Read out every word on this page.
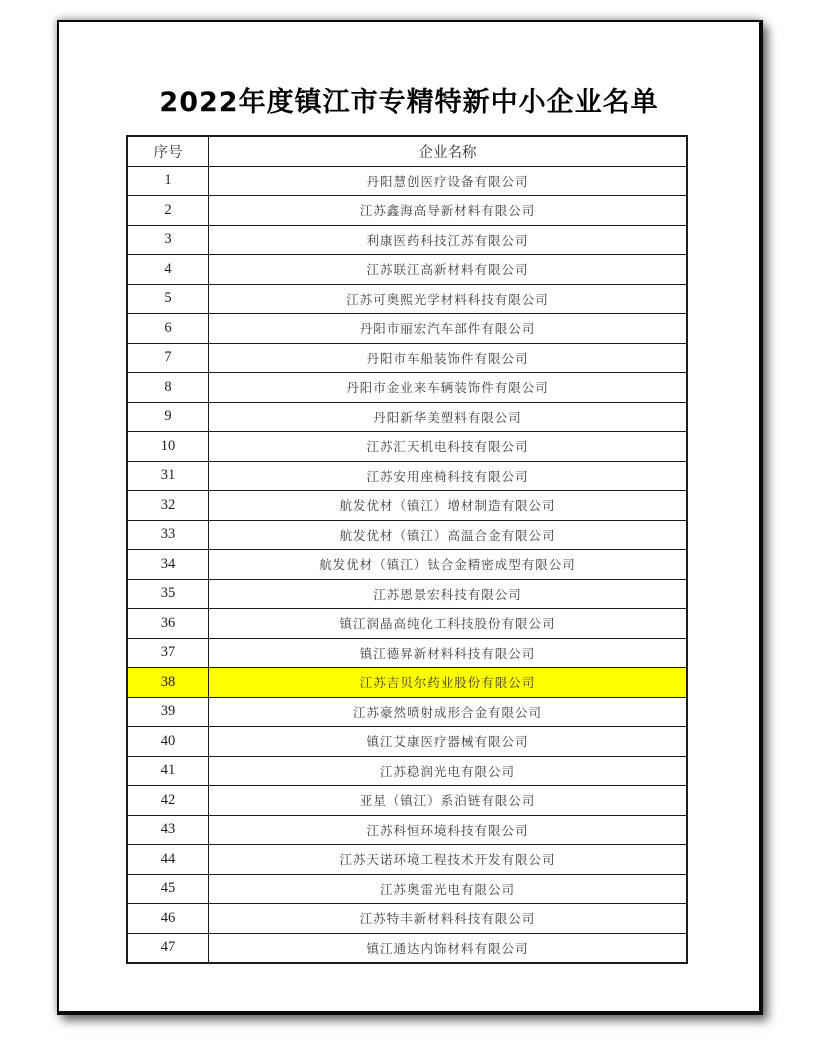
2022年度镇江市专精特新中小企业名单
序号	企业名称
1	丹阳慧创医疗设备有限公司
2	江苏鑫海高导新材料有限公司
3	利康医药科技江苏有限公司
4	江苏联江高新材料有限公司
5	江苏可奥熙光学材料科技有限公司
6	丹阳市丽宏汽车部件有限公司
7	丹阳市车船装饰件有限公司
8	丹阳市金业来车辆装饰件有限公司
9	丹阳新华美塑料有限公司
10	江苏汇天机电科技有限公司
31	江苏安用座椅科技有限公司
32	航发优材（镇江）增材制造有限公司
33	航发优材（镇江）高温合金有限公司
34	航发优材（镇江）钛合金精密成型有限公司
35	江苏恩景宏科技有限公司
36	镇江润晶高纯化工科技股份有限公司
37	镇江德昇新材料科技有限公司
38	江苏吉贝尔药业股份有限公司
39	江苏豪然喷射成形合金有限公司
40	镇江艾康医疗器械有限公司
41	江苏稳润光电有限公司
42	亚星（镇江）系泊链有限公司
43	江苏科恒环境科技有限公司
44	江苏天诺环境工程技术开发有限公司
45	江苏奥雷光电有限公司
46	江苏特丰新材料科技有限公司
47	镇江通达内饰材料有限公司
